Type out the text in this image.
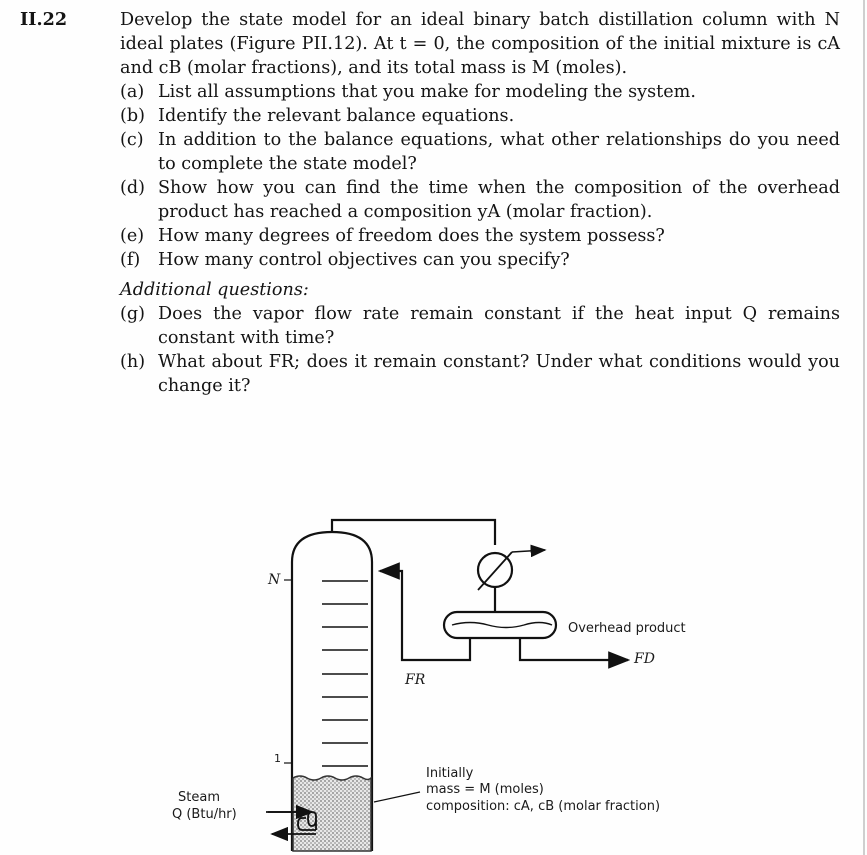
II.22	Develop the state model for an ideal binary batch distillation column with N ideal plates (Figure PII.12). At t = 0, the composition of the initial mixture is cA and cB (molar fractions), and its total mass is M (moles).
(a) List all assumptions that you make for modeling the system.
(b) Identify the relevant balance equations.
(c) In addition to the balance equations, what other relationships do you need to complete the state model?
(d) Show how you can find the time when the composition of the overhead product has reached a composition yA (molar fraction).
(e) How many degrees of freedom does the system possess?
(f) How many control objectives can you specify?
Additional questions:
(g) Does the vapor flow rate remain constant if the heat input Q remains constant with time?
(h) What about FR; does it remain constant? Under what conditions would you change it?
N
1
FR
Overhead product
FD
Steam
Q (Btu/hr)
Initially
mass = M (moles)
composition: cA, cB (molar fraction)
